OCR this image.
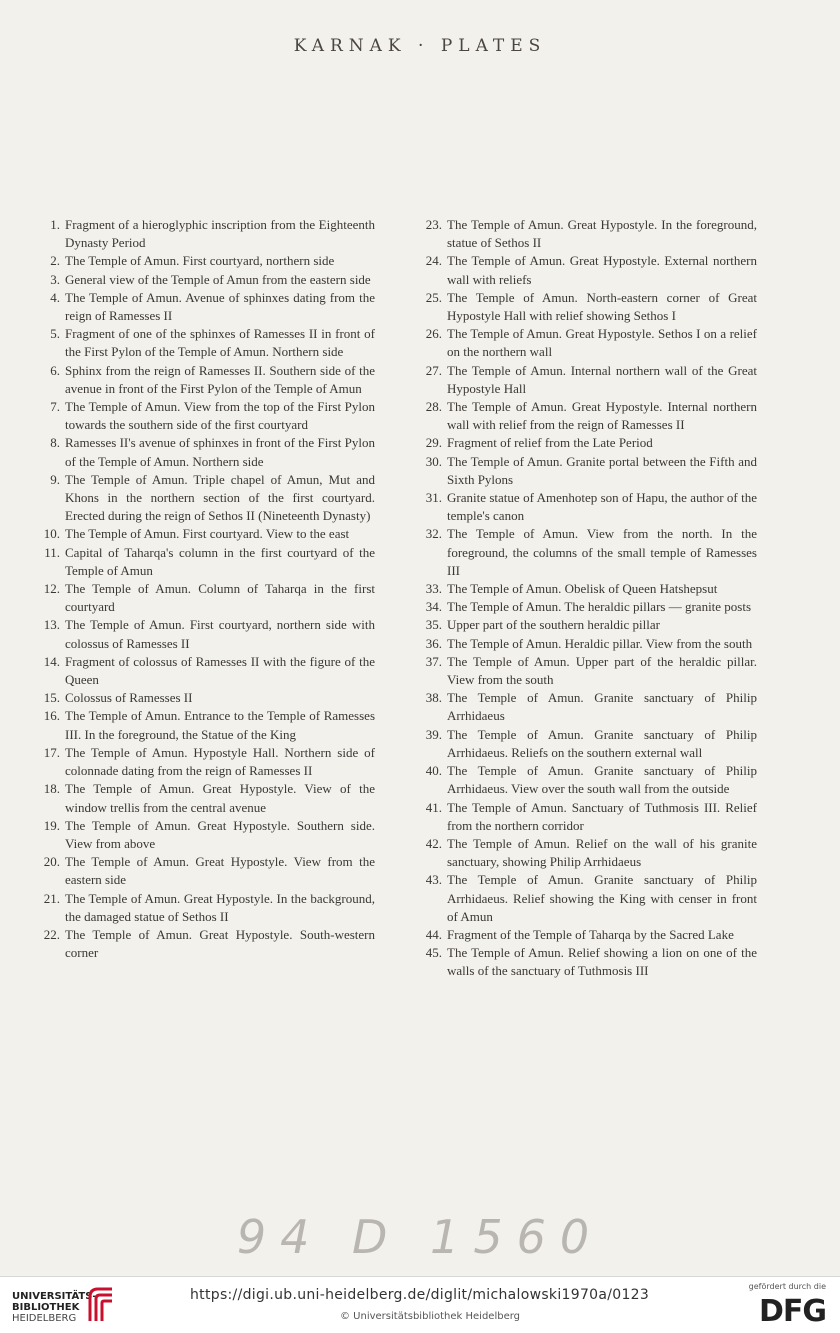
KARNAK · PLATES
1. Fragment of a hieroglyphic inscription from the Eighteenth Dynasty Period
2. The Temple of Amun. First courtyard, northern side
3. General view of the Temple of Amun from the eastern side
4. The Temple of Amun. Avenue of sphinxes dating from the reign of Ramesses II
5. Fragment of one of the sphinxes of Ramesses II in front of the First Pylon of the Temple of Amun. Northern side
6. Sphinx from the reign of Ramesses II. Southern side of the avenue in front of the First Pylon of the Temple of Amun
7. The Temple of Amun. View from the top of the First Pylon towards the southern side of the first courtyard
8. Ramesses II's avenue of sphinxes in front of the First Pylon of the Temple of Amun. Northern side
9. The Temple of Amun. Triple chapel of Amun, Mut and Khons in the northern section of the first courtyard. Erected during the reign of Sethos II (Nineteenth Dynasty)
10. The Temple of Amun. First courtyard. View to the east
11. Capital of Taharqa's column in the first courtyard of the Temple of Amun
12. The Temple of Amun. Column of Taharqa in the first courtyard
13. The Temple of Amun. First courtyard, northern side with colossus of Ramesses II
14. Fragment of colossus of Ramesses II with the figure of the Queen
15. Colossus of Ramesses II
16. The Temple of Amun. Entrance to the Temple of Ramesses III. In the foreground, the Statue of the King
17. The Temple of Amun. Hypostyle Hall. Northern side of colonnade dating from the reign of Ramesses II
18. The Temple of Amun. Great Hypostyle. View of the window trellis from the central avenue
19. The Temple of Amun. Great Hypostyle. Southern side. View from above
20. The Temple of Amun. Great Hypostyle. View from the eastern side
21. The Temple of Amun. Great Hypostyle. In the background, the damaged statue of Sethos II
22. The Temple of Amun. Great Hypostyle. South-western corner
23. The Temple of Amun. Great Hypostyle. In the foreground, statue of Sethos II
24. The Temple of Amun. Great Hypostyle. External northern wall with reliefs
25. The Temple of Amun. North-eastern corner of Great Hypostyle Hall with relief showing Sethos I
26. The Temple of Amun. Great Hypostyle. Sethos I on a relief on the northern wall
27. The Temple of Amun. Internal northern wall of the Great Hypostyle Hall
28. The Temple of Amun. Great Hypostyle. Internal northern wall with relief from the reign of Ramesses II
29. Fragment of relief from the Late Period
30. The Temple of Amun. Granite portal between the Fifth and Sixth Pylons
31. Granite statue of Amenhotep son of Hapu, the author of the temple's canon
32. The Temple of Amun. View from the north. In the foreground, the columns of the small temple of Ramesses III
33. The Temple of Amun. Obelisk of Queen Hatshepsut
34. The Temple of Amun. The heraldic pillars — granite posts
35. Upper part of the southern heraldic pillar
36. The Temple of Amun. Heraldic pillar. View from the south
37. The Temple of Amun. Upper part of the heraldic pillar. View from the south
38. The Temple of Amun. Granite sanctuary of Philip Arrhidaeus
39. The Temple of Amun. Granite sanctuary of Philip Arrhidaeus. Reliefs on the southern external wall
40. The Temple of Amun. Granite sanctuary of Philip Arrhidaeus. View over the south wall from the outside
41. The Temple of Amun. Sanctuary of Tuthmosis III. Relief from the northern corridor
42. The Temple of Amun. Relief on the wall of his granite sanctuary, showing Philip Arrhidaeus
43. The Temple of Amun. Granite sanctuary of Philip Arrhidaeus. Relief showing the King with censer in front of Amun
44. Fragment of the Temple of Taharqa by the Sacred Lake
45. The Temple of Amun. Relief showing a lion on one of the walls of the sanctuary of Tuthmosis III
94 D 1560
UNIVERSITÄTS-
BIBLIOTHEK
HEIDELBERG
https://digi.ub.uni-heidelberg.de/diglit/michalowski1970a/0123
© Universitätsbibliothek Heidelberg
gefördert durch die
DFG
